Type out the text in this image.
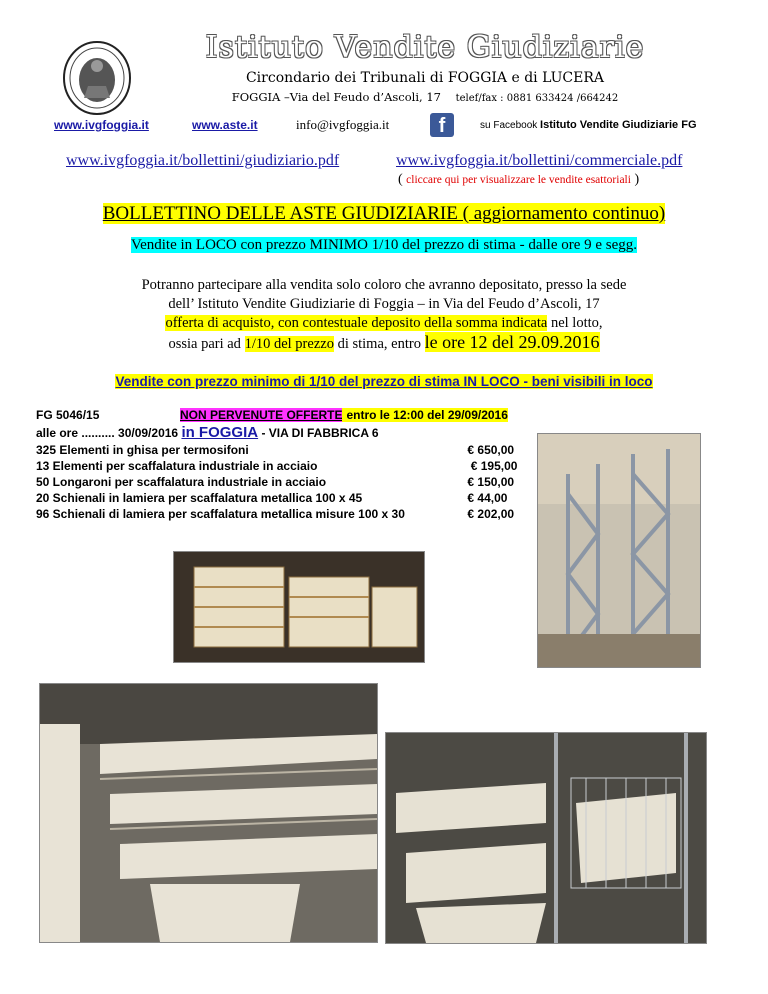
Istituto Vendite Giudiziarie
Circondario dei Tribunali di FOGGIA e di LUCERA
FOGGIA –Via del Feudo d’Ascoli, 17 telef/fax : 0881 633424 /664242
www.ivgfoggia.it	www.aste.it	info@ivgfoggia.it	f	su Facebook Istituto Vendite Giudiziarie FG
www.ivgfoggia.it/bollettini/giudiziario.pdf	www.ivgfoggia.it/bollettini/commerciale.pdf
( cliccare qui per visualizzare le vendite esattoriali )
BOLLETTINO DELLE ASTE GIUDIZIARIE ( aggiornamento continuo)
Vendite in LOCO con prezzo MINIMO 1/10 del prezzo di stima - dalle ore 9 e segg.
Potranno partecipare alla vendita solo coloro che avranno depositato, presso la sede
dell’ Istituto Vendite Giudiziarie di Foggia – in Via del Feudo d’Ascoli, 17
offerta di acquisto, con contestuale deposito della somma indicata nel lotto,
ossia pari ad 1/10 del prezzo di stima, entro le ore 12 del 29.09.2016
Vendite con prezzo minimo di 1/10 del prezzo di stima IN LOCO - beni visibili in loco
FG 5046/15	NON PERVENUTE OFFERTE entro le 12:00 del 29/09/2016
alle ore .......... 30/09/2016 in FOGGIA - VIA DI FABBRICA 6
325 Elementi in ghisa per termosifoni	€ 650,00
13 Elementi per scaffalatura industriale in acciaio	€ 195,00
50 Longaroni per scaffalatura industriale in acciaio	€ 150,00
20 Schienali in lamiera per scaffalatura metallica 100 x 45	€ 44,00
96 Schienali di lamiera per scaffalatura metallica misure 100 x 30	€ 202,00
